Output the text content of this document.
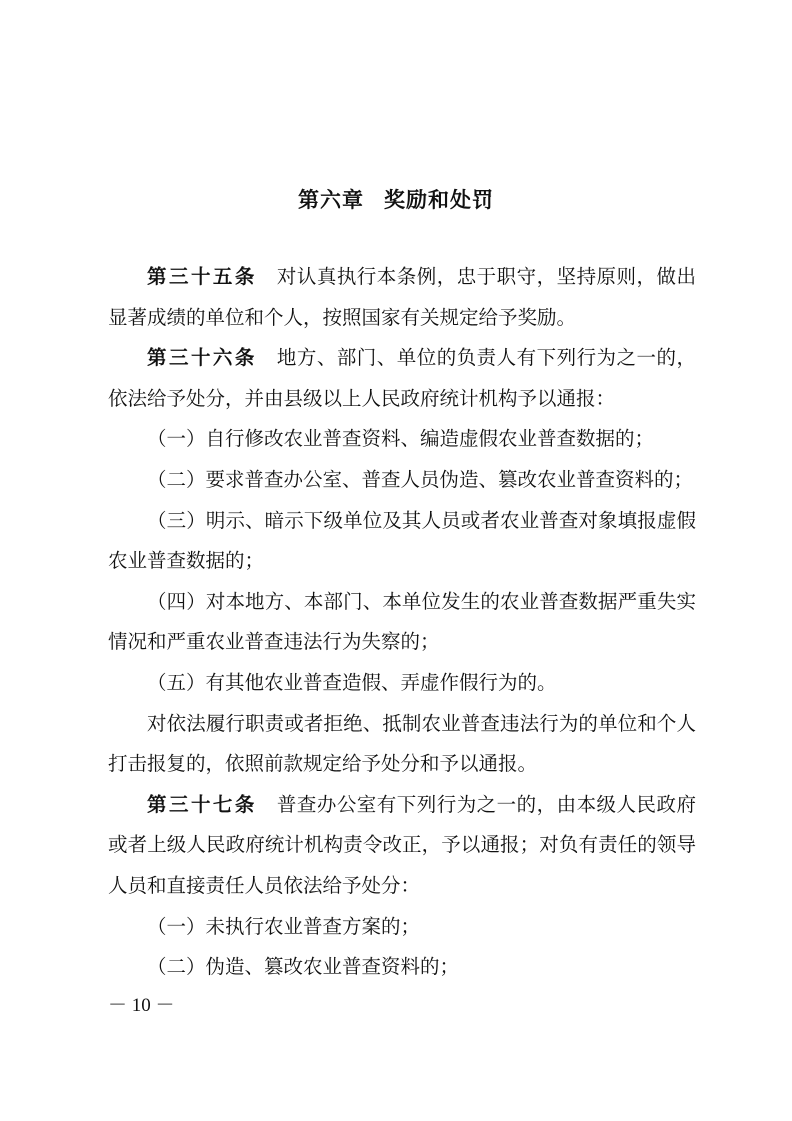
第六章 奖励和处罚

第三十五条　 对认真执行本条例，忠于职守，坚持原则，做出显著成绩的单位和个人，按照国家有关规定给予奖励。

第三十六条　 地方、部门、单位的负责人有下列行为之一的，依法给予处分，并由县级以上人民政府统计机构予以通报：

（一）自行修改农业普查资料、编造虚假农业普查数据的；

（二）要求普查办公室、普查人员伪造、篡改农业普查资料的；

（三）明示、暗示下级单位及其人员或者农业普查对象填报虚假农业普查数据的；

（四）对本地方、本部门、本单位发生的农业普查数据严重失实情况和严重农业普查违法行为失察的；

（五）有其他农业普查造假、弄虚作假行为的。

对依法履行职责或者拒绝、抵制农业普查违法行为的单位和个人打击报复的，依照前款规定给予处分和予以通报。

第三十七条　 普查办公室有下列行为之一的，由本级人民政府或者上级人民政府统计机构责令改正，予以通报；对负有责任的领导人员和直接责任人员依法给予处分：

（一）未执行农业普查方案的；

（二）伪造、篡改农业普查资料的；

－ 10 －
